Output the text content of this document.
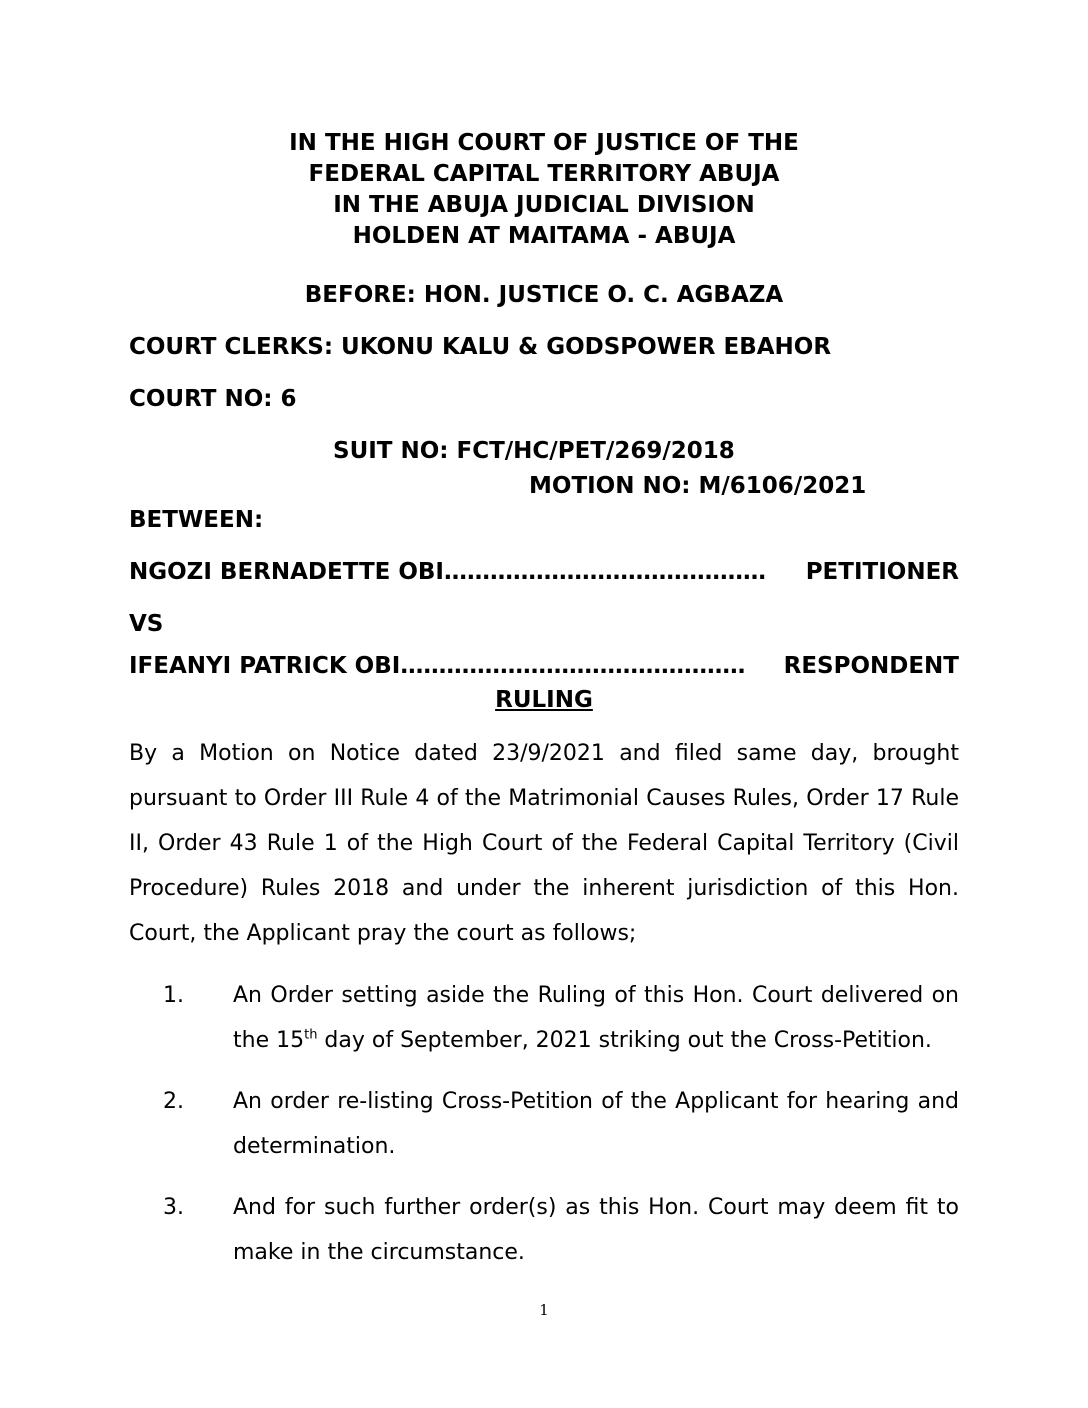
IN THE HIGH COURT OF JUSTICE OF THE
FEDERAL CAPITAL TERRITORY ABUJA
IN THE ABUJA JUDICIAL DIVISION
HOLDEN AT MAITAMA - ABUJA
BEFORE: HON. JUSTICE O. C. AGBAZA
COURT CLERKS: UKONU KALU & GODSPOWER EBAHOR
COURT NO: 6
SUIT NO: FCT/HC/PET/269/2018
MOTION NO: M/6106/2021
BETWEEN:
NGOZI BERNADETTE OBI ……………………………………	PETITIONER
VS
IFEANYI PATRICK OBI ………………………………………	RESPONDENT
RULING
By a Motion on Notice dated 23/9/2021 and filed same day, brought pursuant to Order III Rule 4 of the Matrimonial Causes Rules, Order 17 Rule II, Order 43 Rule 1 of the High Court of the Federal Capital Territory (Civil Procedure) Rules 2018 and under the inherent jurisdiction of this Hon. Court, the Applicant pray the court as follows;
1. An Order setting aside the Ruling of this Hon. Court delivered on the 15th day of September, 2021 striking out the Cross-Petition.
2. An order re-listing Cross-Petition of the Applicant for hearing and determination.
3. And for such further order(s) as this Hon. Court may deem fit to make in the circumstance.
1
